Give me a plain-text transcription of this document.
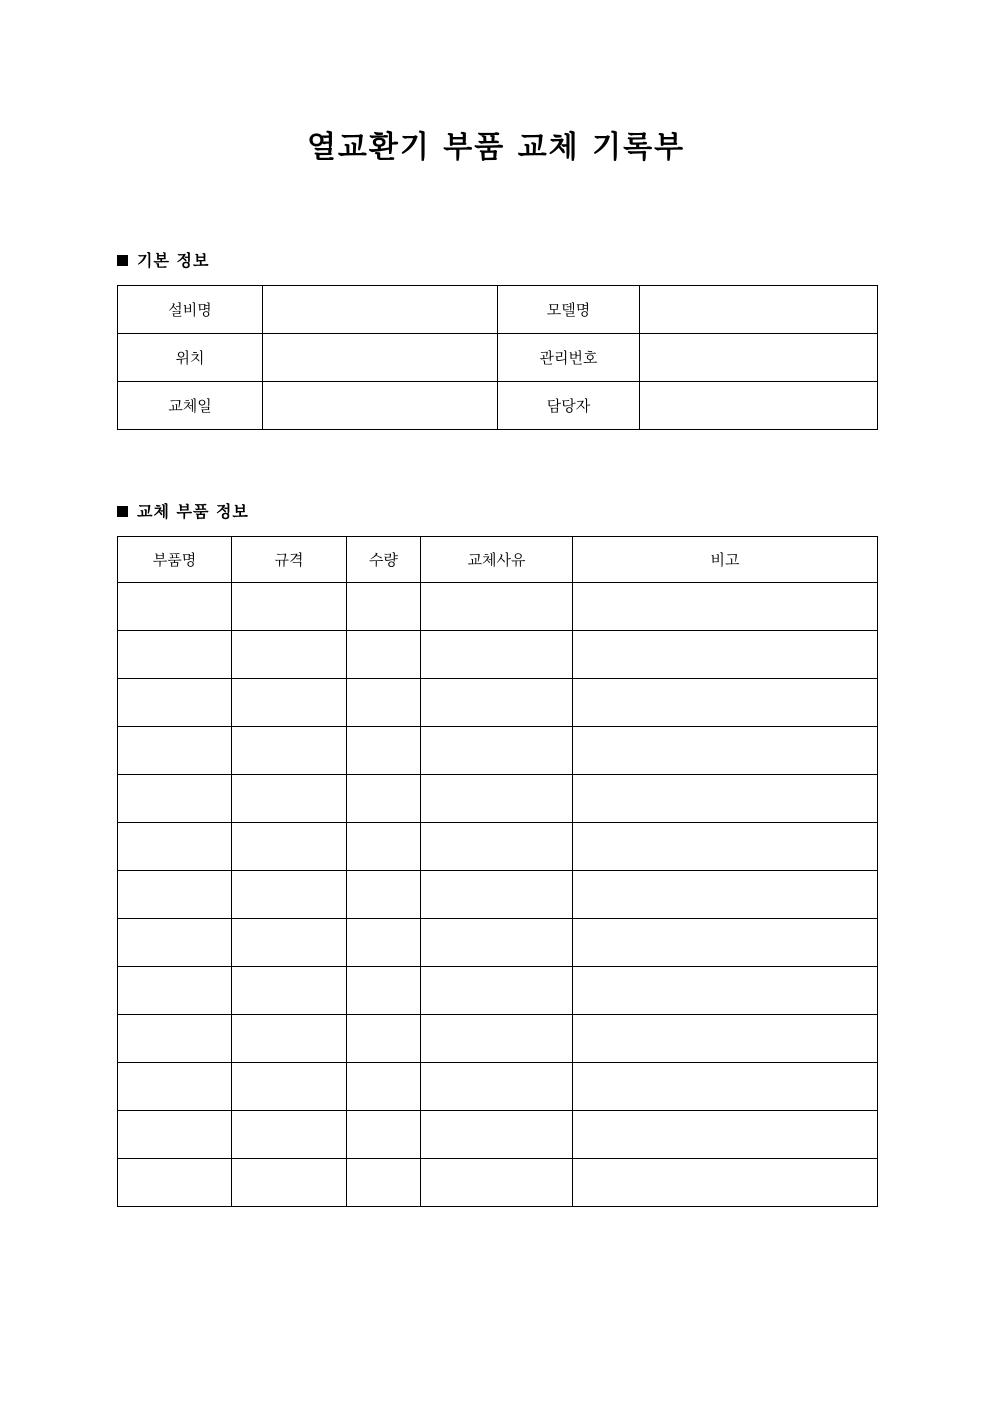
열교환기 부품 교체 기록부
기본 정보
설비명		모델명	
위치		관리번호	
교체일		담당자	
교체 부품 정보
부품명	규격	수량	교체사유	비고
